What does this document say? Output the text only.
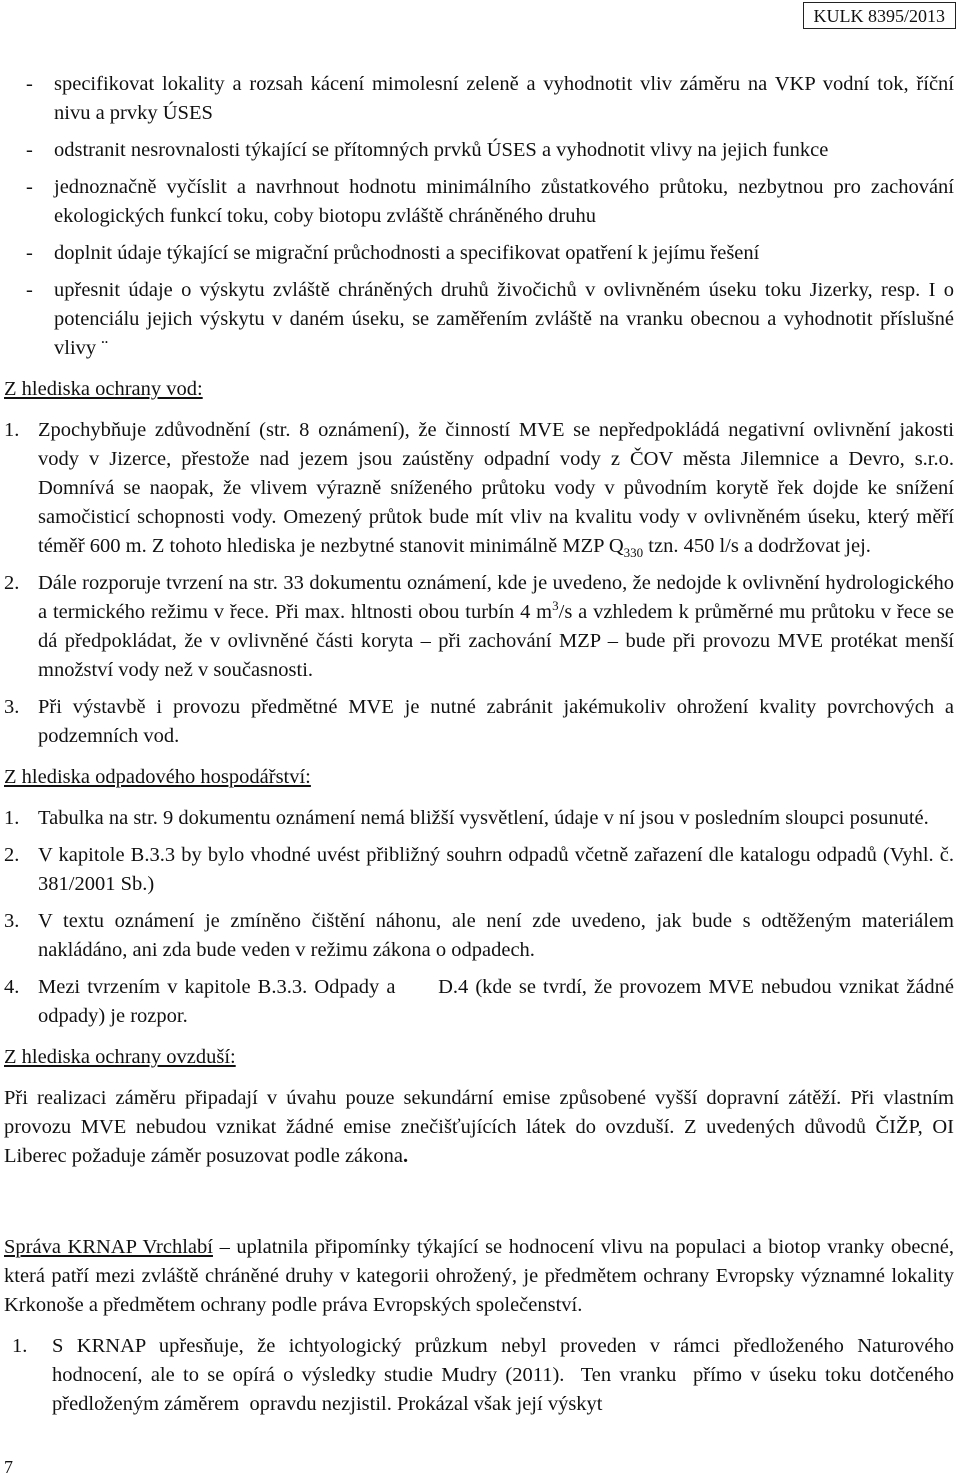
KULK 8395/2013
-	specifikovat lokality a rozsah kácení mimolesní zeleně a vyhodnotit vliv záměru na VKP vodní tok, říční nivu a prvky ÚSES
-	odstranit nesrovnalosti týkající se přítomných prvků ÚSES a vyhodnotit vlivy na jejich funkce
-	jednoznačně vyčíslit a navrhnout hodnotu minimálního zůstatkového průtoku, nezbytnou pro zachování ekologických funkcí toku, coby biotopu zvláště chráněného druhu
-	doplnit údaje týkající se migrační průchodnosti a specifikovat opatření k jejímu řešení
-	upřesnit údaje o výskytu zvláště chráněných druhů živočichů v ovlivněném úseku toku Jizerky, resp. I o potenciálu jejich výskytu v daném úseku, se zaměřením zvláště na vranku obecnou a vyhodnotit příslušné vlivy ¨
Z hlediska ochrany vod:
1. Zpochybňuje zdůvodnění (str. 8 oznámení), že činností MVE se nepředpokládá negativní ovlivnění jakosti vody v Jizerce, přestože nad jezem jsou zaústěny odpadní vody z ČOV města Jilemnice a Devro, s.r.o. Domnívá se naopak, že vlivem výrazně sníženého průtoku vody v původním korytě řek dojde ke snížení samočisticí schopnosti vody. Omezený průtok bude mít vliv na kvalitu vody v ovlivněném úseku, který měří téměř 600 m. Z tohoto hlediska je nezbytné stanovit minimálně MZP $Q_{330}$ tzn. 450 l/s a dodržovat jej.
2. Dále rozporuje tvrzení na str. 33 dokumentu oznámení, kde je uvedeno, že nedojde k ovlivnění hydrologického a termického režimu v řece. Při max. hltnosti obou turbín 4 $m^3/s$ a vzhledem k průměrné mu průtoku v řece se dá předpokládat, že v ovlivněné části koryta – při zachování MZP – bude při provozu MVE protékat menší množství vody než v současnosti.
3. Při výstavbě i provozu předmětné MVE je nutné zabránit jakémukoliv ohrožení kvality povrchových a podzemních vod.
Z hlediska odpadového hospodářství:
1. Tabulka na str. 9 dokumentu oznámení nemá bližší vysvětlení, údaje v ní jsou v posledním sloupci posunuté.
2. V kapitole B.3.3 by bylo vhodné uvést přibližný souhrn odpadů včetně zařazení dle katalogu odpadů (Vyhl. č. 381/2001 Sb.)
3. V textu oznámení je zmíněno čištění náhonu, ale není zde uvedeno, jak bude s odtěženým materiálem nakládáno, ani zda bude veden v režimu zákona o odpadech.
4. Mezi tvrzením v kapitole B.3.3. Odpady a      D.4 (kde se tvrdí, že provozem MVE nebudou vznikat žádné odpady) je rozpor.
Z hlediska ochrany ovzduší:
Při realizaci záměru připadají v úvahu pouze sekundární emise způsobené vyšší dopravní zátěží. Při vlastním provozu MVE nebudou vznikat žádné emise znečišťujících látek do ovzduší. Z uvedených důvodů ČIŽP, OI Liberec požaduje záměr posuzovat podle zákona.
Správa KRNAP Vrchlabí – uplatnila připomínky týkající se hodnocení vlivu na populaci a biotop vranky obecné, která patří mezi zvláště chráněné druhy v kategorii ohrožený, je předmětem ochrany Evropsky významné lokality Krkonoše a předmětem ochrany podle práva Evropských společenství.
1.	S KRNAP upřesňuje, že ichtyologický průzkum nebyl proveden v rámci předloženého Naturového hodnocení, ale to se opírá o výsledky studie Mudry (2011).  Ten vranku  přímo v úseku toku dotčeného předloženým záměrem  opravdu nezjistil. Prokázal však její výskyt
7
